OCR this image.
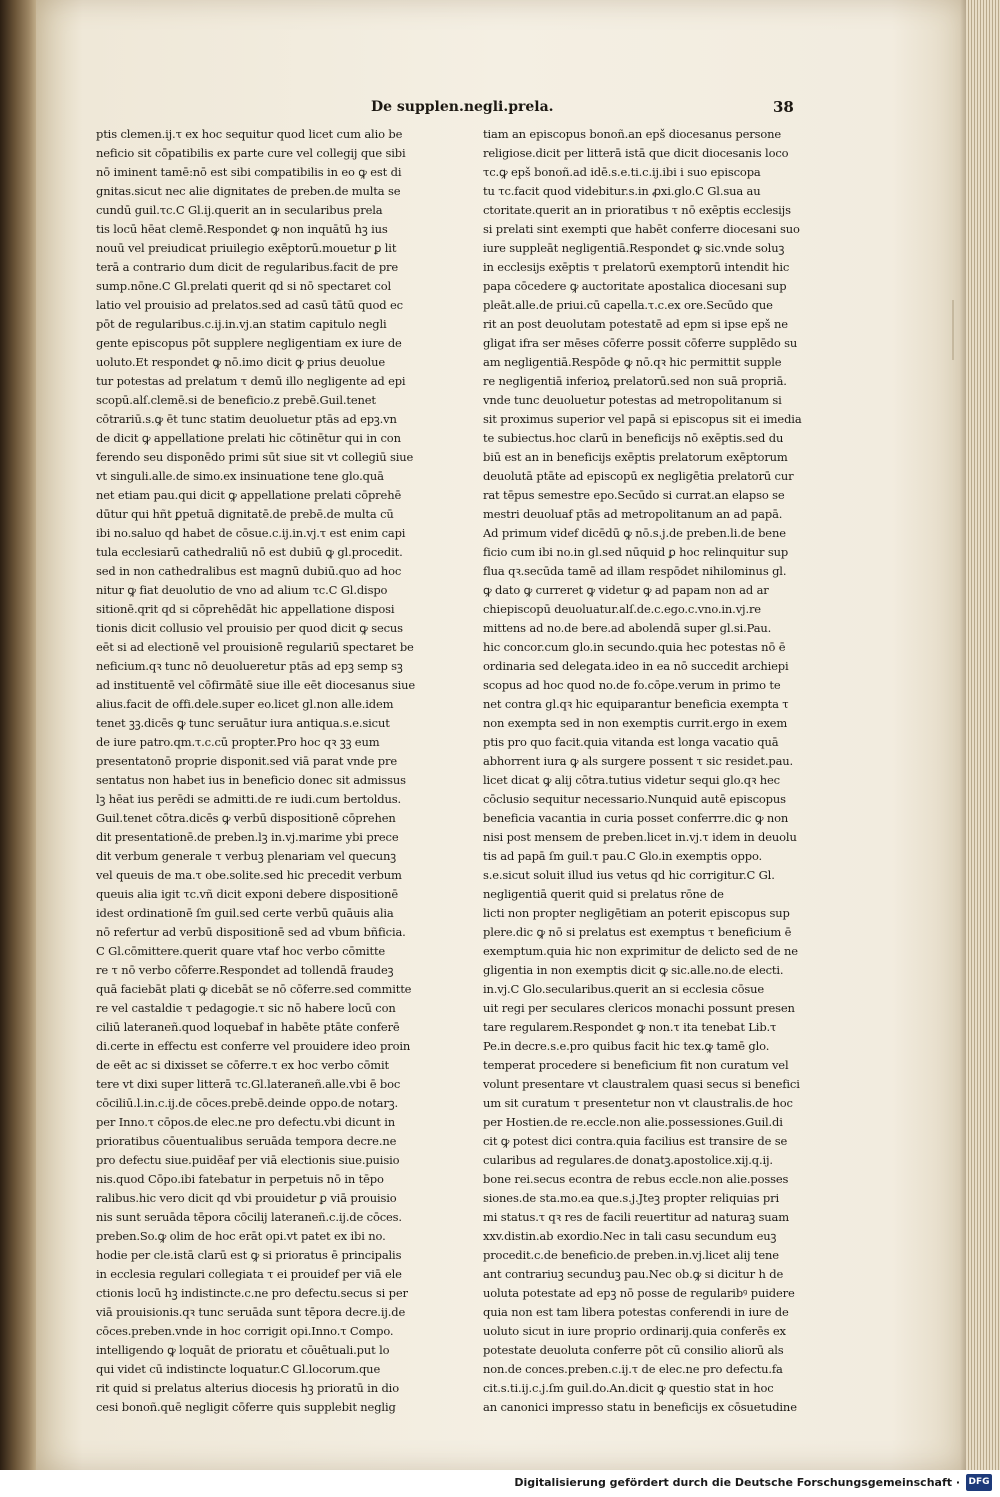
De supplen.negli.prela.	38
ptis clemen.ij.τ ex hoc sequitur quod licet cum alio be
neficio sit cōpatibilis ex parte cure vel collegij que sibi
nō iminent tamē:nō est sibi compatibilis in eo ꝙ est di
gnitas.sicut nec alie dignitates de preben.de multa se
cundū guil.τc.C Gl.ij.querit an in secularibus prela
tis locū hēat clemē.Respondet ꝙ non inquātū hꝫ ius
nouū vel preiudicat priuilegio exēptorū.mouetur ꝑ lit
terā a contrario dum dicit de regularibus.facit de pre
sump.nōne.C Gl.prelati querit qd si nō spectaret col
latio vel prouisio ad prelatos.sed ad casū tātū quod ec
pōt de regularibus.c.ij.in.vj.an statim capitulo negli
gente episcopus pōt supplere negligentiam ex iure de
uoluto.Et respondet ꝙ nō.imo dicit ꝙ prius deuolue
tur potestas ad prelatum τ demū illo negligente ad epi
scopū.alſ.clemē.si de beneficio.z prebē.Guil.tenet
cōtrariū.s.ꝙ ēt tunc statim deuoluetur ptās ad epꝫ.vn
de dicit ꝙ appellatione prelati hic cōtinētur qui in con
ferendo seu disponēdo primi sūt siue sit vt collegiū siue
vt singuli.alle.de simo.ex insinuatione tene glo.quā
net etiam pau.qui dicit ꝙ appellatione prelati cōprehē
dūtur qui hñt ꝑpetuā dignitatē.de prebē.de multa cū
ibi no.saluo qd habet de cōsue.c.ij.in.vj.τ est enim capi
tula ecclesiarū cathedraliū nō est dubiū ꝙ gl.procedit.
sed in non cathedralibus est magnū dubiū.quo ad hoc
nitur ꝙ fiat deuolutio de vno ad alium τc.C Gl.dispo
sitionē.qrit qd si cōprehēdāt hic appellatione disposi
tionis dicit collusio vel prouisio per quod dicit ꝙ secus
eēt si ad electionē vel prouisionē regulariū spectaret be
neficium.qꝛ tunc nō deuolueretur ptās ad epꝫ semp sꝫ
ad instituentē vel cōfirmātē siue ille eēt diocesanus siue
alius.facit de offi.dele.super eo.licet gl.non alle.idem
tenet ꝫꝫ.dicēs ꝙ tunc seruātur iura antiqua.s.e.sicut
de iure patro.qm.τ.c.cū propter.Pro hoc qꝛ ꝫꝫ eum
presentatonō proprie disponit.sed viā parat vnde pre
sentatus non habet ius in beneficio donec sit admissus
lꝫ hēat ius perēdi se admitti.de re iudi.cum bertoldus.
Guil.tenet cōtra.dicēs ꝙ verbū dispositionē cōprehen
dit presentationē.de preben.lꝫ in.vj.marime ybi prece
dit verbum generale τ verbuꝫ plenariam vel quecunꝫ
vel queuis de ma.τ obe.solite.sed hic precedit verbum
queuis alia igit τc.vñ dicit exponi debere dispositionē
idest ordinationē ſm guil.sed certe verbū quāuis alia
nō refertur ad verbū dispositionē sed ad vbum bñficia.
C Gl.cōmittere.querit quare vtaf hoc verbo cōmitte
re τ nō verbo cōferre.Respondet ad tollendā fraudeꝫ
quā faciebāt plati ꝙ dicebāt se nō cōferre.sed committe
re vel castaldie τ pedagogie.τ sic nō habere locū con
ciliū lateraneñ.quod loquebaf in habēte ptāte conferē
di.certe in effectu est conferre vel prouidere ideo proin
de eēt ac si dixisset se cōferre.τ ex hoc verbo cōmit
tere vt dixi super litterā τc.Gl.lateraneñ.alle.vbi ē boc
cōciliū.l.in.c.ij.de cōces.prebē.deinde oppo.de notarꝫ.
per Inno.τ cōpos.de elec.ne pro defectu.vbi dicunt in
prioratibus cōuentualibus seruāda tempora decre.ne
pro defectu siue.puidēaf per viā electionis siue.puisio
nis.quod Cōpo.ibi fatebatur in perpetuis nō in tēpo
ralibus.hic vero dicit qd vbi prouidetur ꝑ viā prouisio
nis sunt seruāda tēpora cōcilij lateraneñ.c.ij.de cōces.
preben.So.ꝙ olim de hoc erāt opi.vt patet ex ibi no.
hodie per cle.istā clarū est ꝙ si prioratus ē principalis
in ecclesia regulari collegiata τ ei prouidef per viā ele
ctionis locū hꝫ indistincte.c.ne pro defectu.secus si per
viā prouisionis.qꝛ tunc seruāda sunt tēpora decre.ij.de
cōces.preben.vnde in hoc corrigit opi.Inno.τ Compo.
intelligendo ꝙ loquāt de prioratu et cōuētuali.put lo
qui videt cū indistincte loquatur.C Gl.locorum.que
rit quid si prelatus alterius diocesis hꝫ prioratū in dio
cesi bonoñ.quē negligit cōferre quis supplebit neglig
tiam an episcopus bonoñ.an epš diocesanus persone
religiose.dicit per litterā istā que dicit diocesanis loco
τc.ꝙ epš bonoñ.ad idē.s.e.ti.c.ij.ibi i suo episcopa
tu τc.facit quod videbitur.s.in ꝓxi.glo.C Gl.sua au
ctoritate.querit an in prioratibus τ nō exēptis ecclesijs
si prelati sint exempti que habēt conferre diocesani suo
iure suppleāt negligentiā.Respondet ꝙ sic.vnde soluꝫ
in ecclesijs exēptis τ prelatorū exemptorū intendit hic
papa cōcedere ꝙ auctoritate apostalica diocesani sup
pleāt.alle.de priui.cū capella.τ.c.ex ore.Secūdo que
rit an post deuolutam potestatē ad epm si ipse epš ne
gligat ifra ser mēses cōferre possit cōferre supplēdo su
am negligentiā.Respōde ꝙ nō.qꝛ hic permittit supple
re negligentiā inferioꝝ prelatorū.sed non suā propriā.
vnde tunc deuoluetur potestas ad metropolitanum si
sit proximus superior vel papā si episcopus sit ei imedia
te subiectus.hoc clarū in beneficijs nō exēptis.sed du
biū est an in beneficijs exēptis prelatorum exēptorum
deuolutā ptāte ad episcopū ex negligētia prelatorū cur
rat tēpus semestre epo.Secūdo si currat.an elapso se
mestri deuoluaf ptās ad metropolitanum an ad papā.
Ad primum videf dicēdū ꝙ nō.s.j.de preben.li.de bene
ficio cum ibi no.in gl.sed nūquid ꝑ hoc relinquitur sup
flua qꝛ.secūda tamē ad illam respōdet nihilominus gl.
ꝙ dato ꝙ curreret ꝙ videtur ꝙ ad papam non ad ar
chiepiscopū deuoluatur.alſ.de.c.ego.c.vno.in.vj.re
mittens ad no.de bere.ad abolendā super gl.si.Pau.
hic concor.cum glo.in secundo.quia hec potestas nō ē
ordinaria sed delegata.ideo in ea nō succedit archiepi
scopus ad hoc quod no.de fo.cōpe.verum in primo te
net contra gl.qꝛ hic equiparantur beneficia exempta τ
non exempta sed in non exemptis currit.ergo in exem
ptis pro quo facit.quia vitanda est longa vacatio quā
abhorrent iura ꝙ als surgere possent τ sic residet.pau.
licet dicat ꝙ alij cōtra.tutius videtur sequi glo.qꝛ hec
cōclusio sequitur necessario.Nunquid autē episcopus
beneficia vacantia in curia posset conferrre.dic ꝙ non
nisi post mensem de preben.licet in.vj.τ idem in deuolu
tis ad papā ſm guil.τ pau.C Glo.in exemptis oppo.
s.e.sicut soluit illud ius vetus qd hic corrigitur.C Gl.
negligentiā querit quid si prelatus rōne de
licti non propter negligētiam an poterit episcopus sup
plere.dic ꝙ nō si prelatus est exemptus τ beneficium ē
exemptum.quia hic non exprimitur de delicto sed de ne
gligentia in non exemptis dicit ꝙ sic.alle.no.de electi.
in.vj.C Glo.secularibus.querit an si ecclesia cōsue
uit regi per seculares clericos monachi possunt presen
tare regularem.Respondet ꝙ non.τ ita tenebat Lib.τ
Pe.in decre.s.e.pro quibus facit hic tex.ꝙ tamē glo.
temperat procedere si beneficium fit non curatum vel
volunt presentare vt claustralem quasi secus si benefici
um sit curatum τ presentetur non vt claustralis.de hoc
per Hostien.de re.eccle.non alie.possessiones.Guil.di
cit ꝙ potest dici contra.quia facilius est transire de se
cularibus ad regulares.de donatꝫ.apostolice.xij.q.ij.
bone rei.secus econtra de rebus eccle.non alie.posses
siones.de sta.mo.ea que.s.j.Jteꝫ propter reliquias pri
mi status.τ qꝛ res de facili reuertitur ad naturaꝫ suam
xxv.distin.ab exordio.Nec in tali casu secundum euꝫ
procedit.c.de beneficio.de preben.in.vj.licet alij tene
ant contrariuꝫ secunduꝫ pau.Nec ob.ꝙ si dicitur h de
uoluta potestate ad epꝫ nō posse de regularibꝰ puidere
quia non est tam libera potestas conferendi in iure de
uoluto sicut in iure proprio ordinarij.quia conferēs ex
potestate deuoluta conferre pōt cū consilio aliorū als
non.de conces.preben.c.ij.τ de elec.ne pro defectu.fa
cit.s.ti.ij.c.j.ſm guil.do.An.dicit ꝙ questio stat in hoc
an canonici impresso statu in beneficijs ex cōsuetudine
Digitalisierung gefördert durch die Deutsche Forschungsgemeinschaft · DFG
